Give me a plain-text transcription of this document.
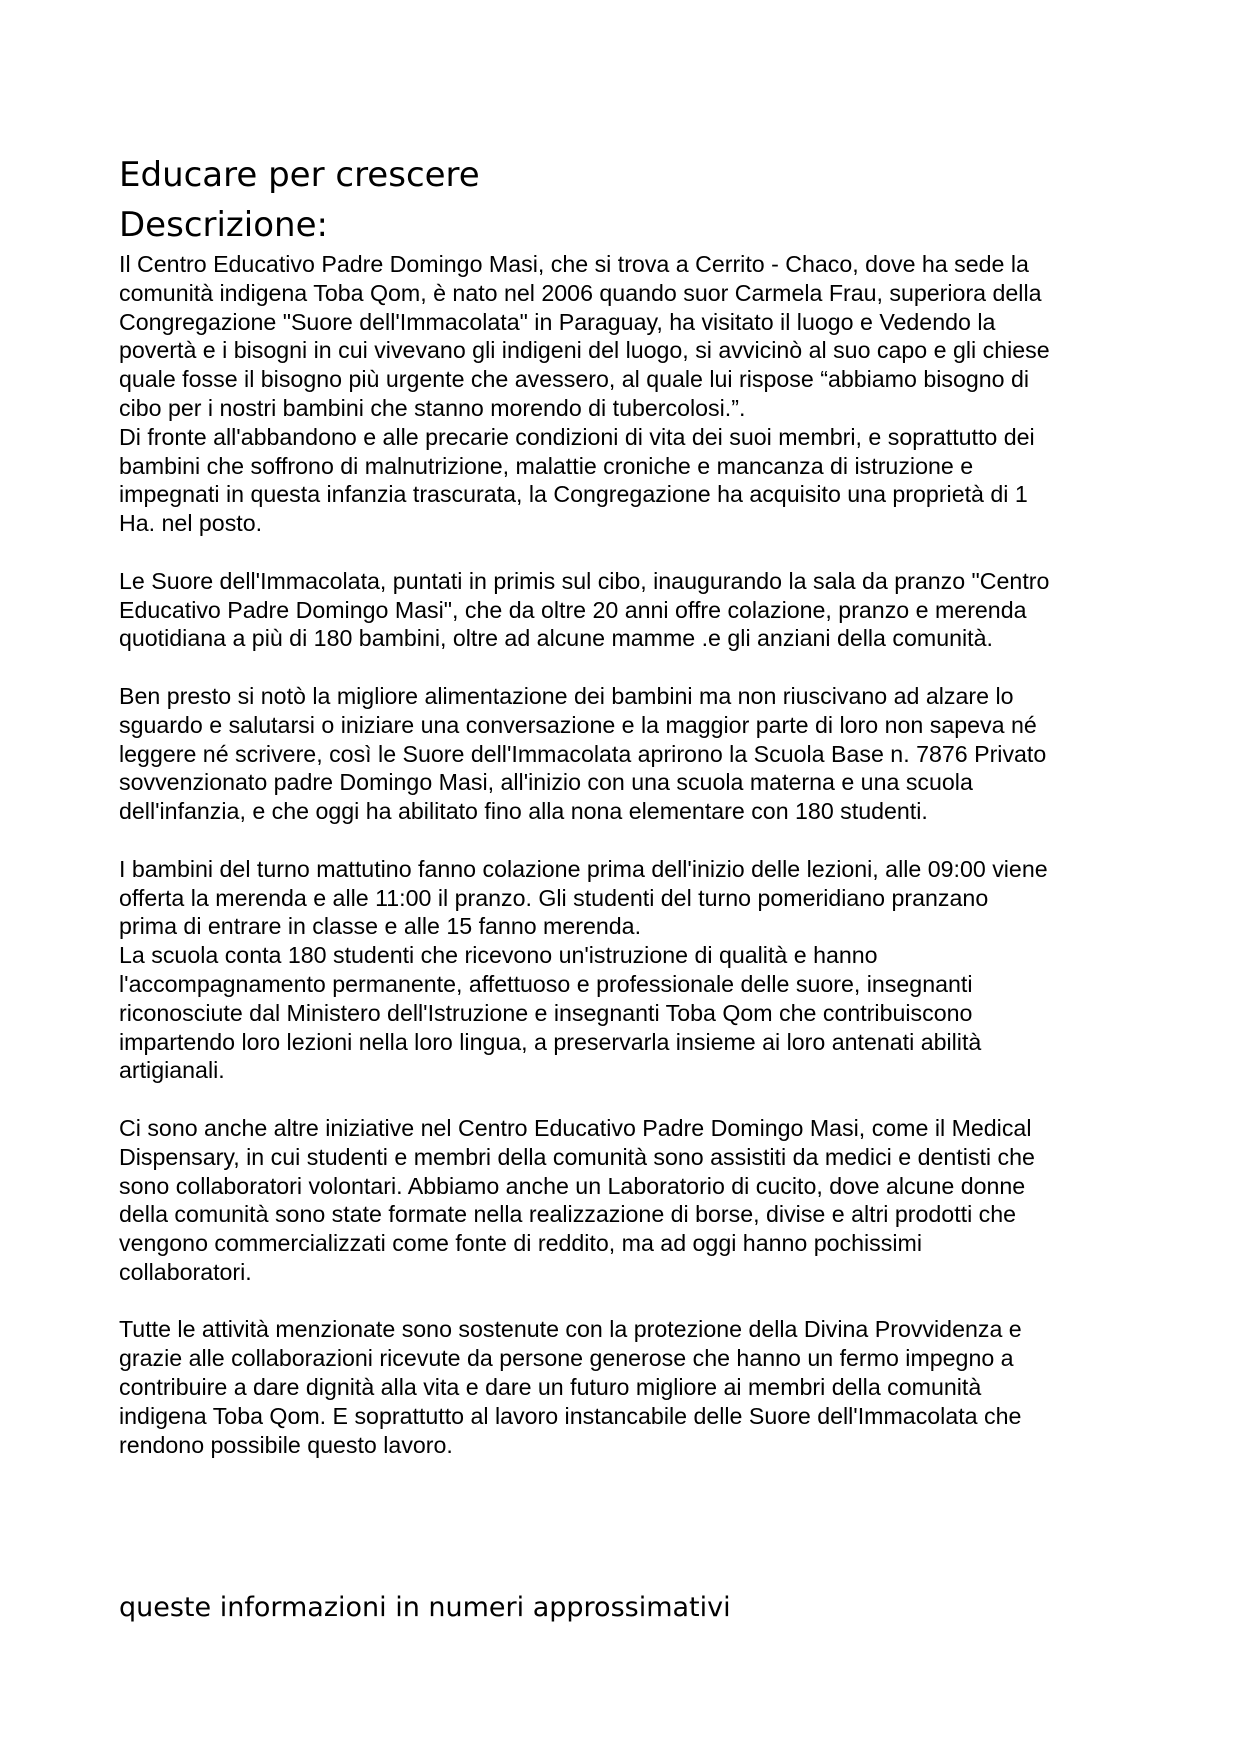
Educare per crescere
Descrizione:

Il Centro Educativo Padre Domingo Masi, che si trova a Cerrito - Chaco, dove ha sede la

comunità indigena Toba Qom, è nato nel 2006 quando suor Carmela Frau, superiora della

Congregazione "Suore dell'Immacolata" in Paraguay, ha visitato il luogo e Vedendo la

povertà e i bisogni in cui vivevano gli indigeni del luogo, si avvicinò al suo capo e gli chiese

quale fosse il bisogno più urgente che avessero, al quale lui rispose “abbiamo bisogno di

cibo per i nostri bambini che stanno morendo di tubercolosi.”.

Di fronte all'abbandono e alle precarie condizioni di vita dei suoi membri, e soprattutto dei

bambini che soffrono di malnutrizione, malattie croniche e mancanza di istruzione e

impegnati in questa infanzia trascurata, la Congregazione ha acquisito una proprietà di 1

Ha. nel posto.

Le Suore dell'Immacolata, puntati in primis sul cibo, inaugurando la sala da pranzo "Centro

Educativo Padre Domingo Masi", che da oltre 20 anni offre colazione, pranzo e merenda

quotidiana a più di 180 bambini, oltre ad alcune mamme .e gli anziani della comunità.

Ben presto si notò la migliore alimentazione dei bambini ma non riuscivano ad alzare lo

sguardo e salutarsi o iniziare una conversazione e la maggior parte di loro non sapeva né

leggere né scrivere, così le Suore dell'Immacolata aprirono la Scuola Base n. 7876 Privato

sovvenzionato padre Domingo Masi, all'inizio con una scuola materna e una scuola

dell'infanzia, e che oggi ha abilitato fino alla nona elementare con 180 studenti.

I bambini del turno mattutino fanno colazione prima dell'inizio delle lezioni, alle 09:00 viene

offerta la merenda e alle 11:00 il pranzo. Gli studenti del turno pomeridiano pranzano

prima di entrare in classe e alle 15 fanno merenda.

La scuola conta 180 studenti che ricevono un'istruzione di qualità e hanno

l'accompagnamento permanente, affettuoso e professionale delle suore, insegnanti

riconosciute dal Ministero dell'Istruzione e insegnanti Toba Qom che contribuiscono

impartendo loro lezioni nella loro lingua, a preservarla insieme ai loro antenati abilità

artigianali.

Ci sono anche altre iniziative nel Centro Educativo Padre Domingo Masi, come il Medical

Dispensary, in cui studenti e membri della comunità sono assistiti da medici e dentisti che

sono collaboratori volontari. Abbiamo anche un Laboratorio di cucito, dove alcune donne

della comunità sono state formate nella realizzazione di borse, divise e altri prodotti che

vengono commercializzati come fonte di reddito, ma ad oggi hanno pochissimi

collaboratori.

Tutte le attività menzionate sono sostenute con la protezione della Divina Provvidenza e

grazie alle collaborazioni ricevute da persone generose che hanno un fermo impegno a

contribuire a dare dignità alla vita e dare un futuro migliore ai membri della comunità

indigena Toba Qom. E soprattutto al lavoro instancabile delle Suore dell'Immacolata che

rendono possibile questo lavoro.

queste informazioni in numeri approssimativi
